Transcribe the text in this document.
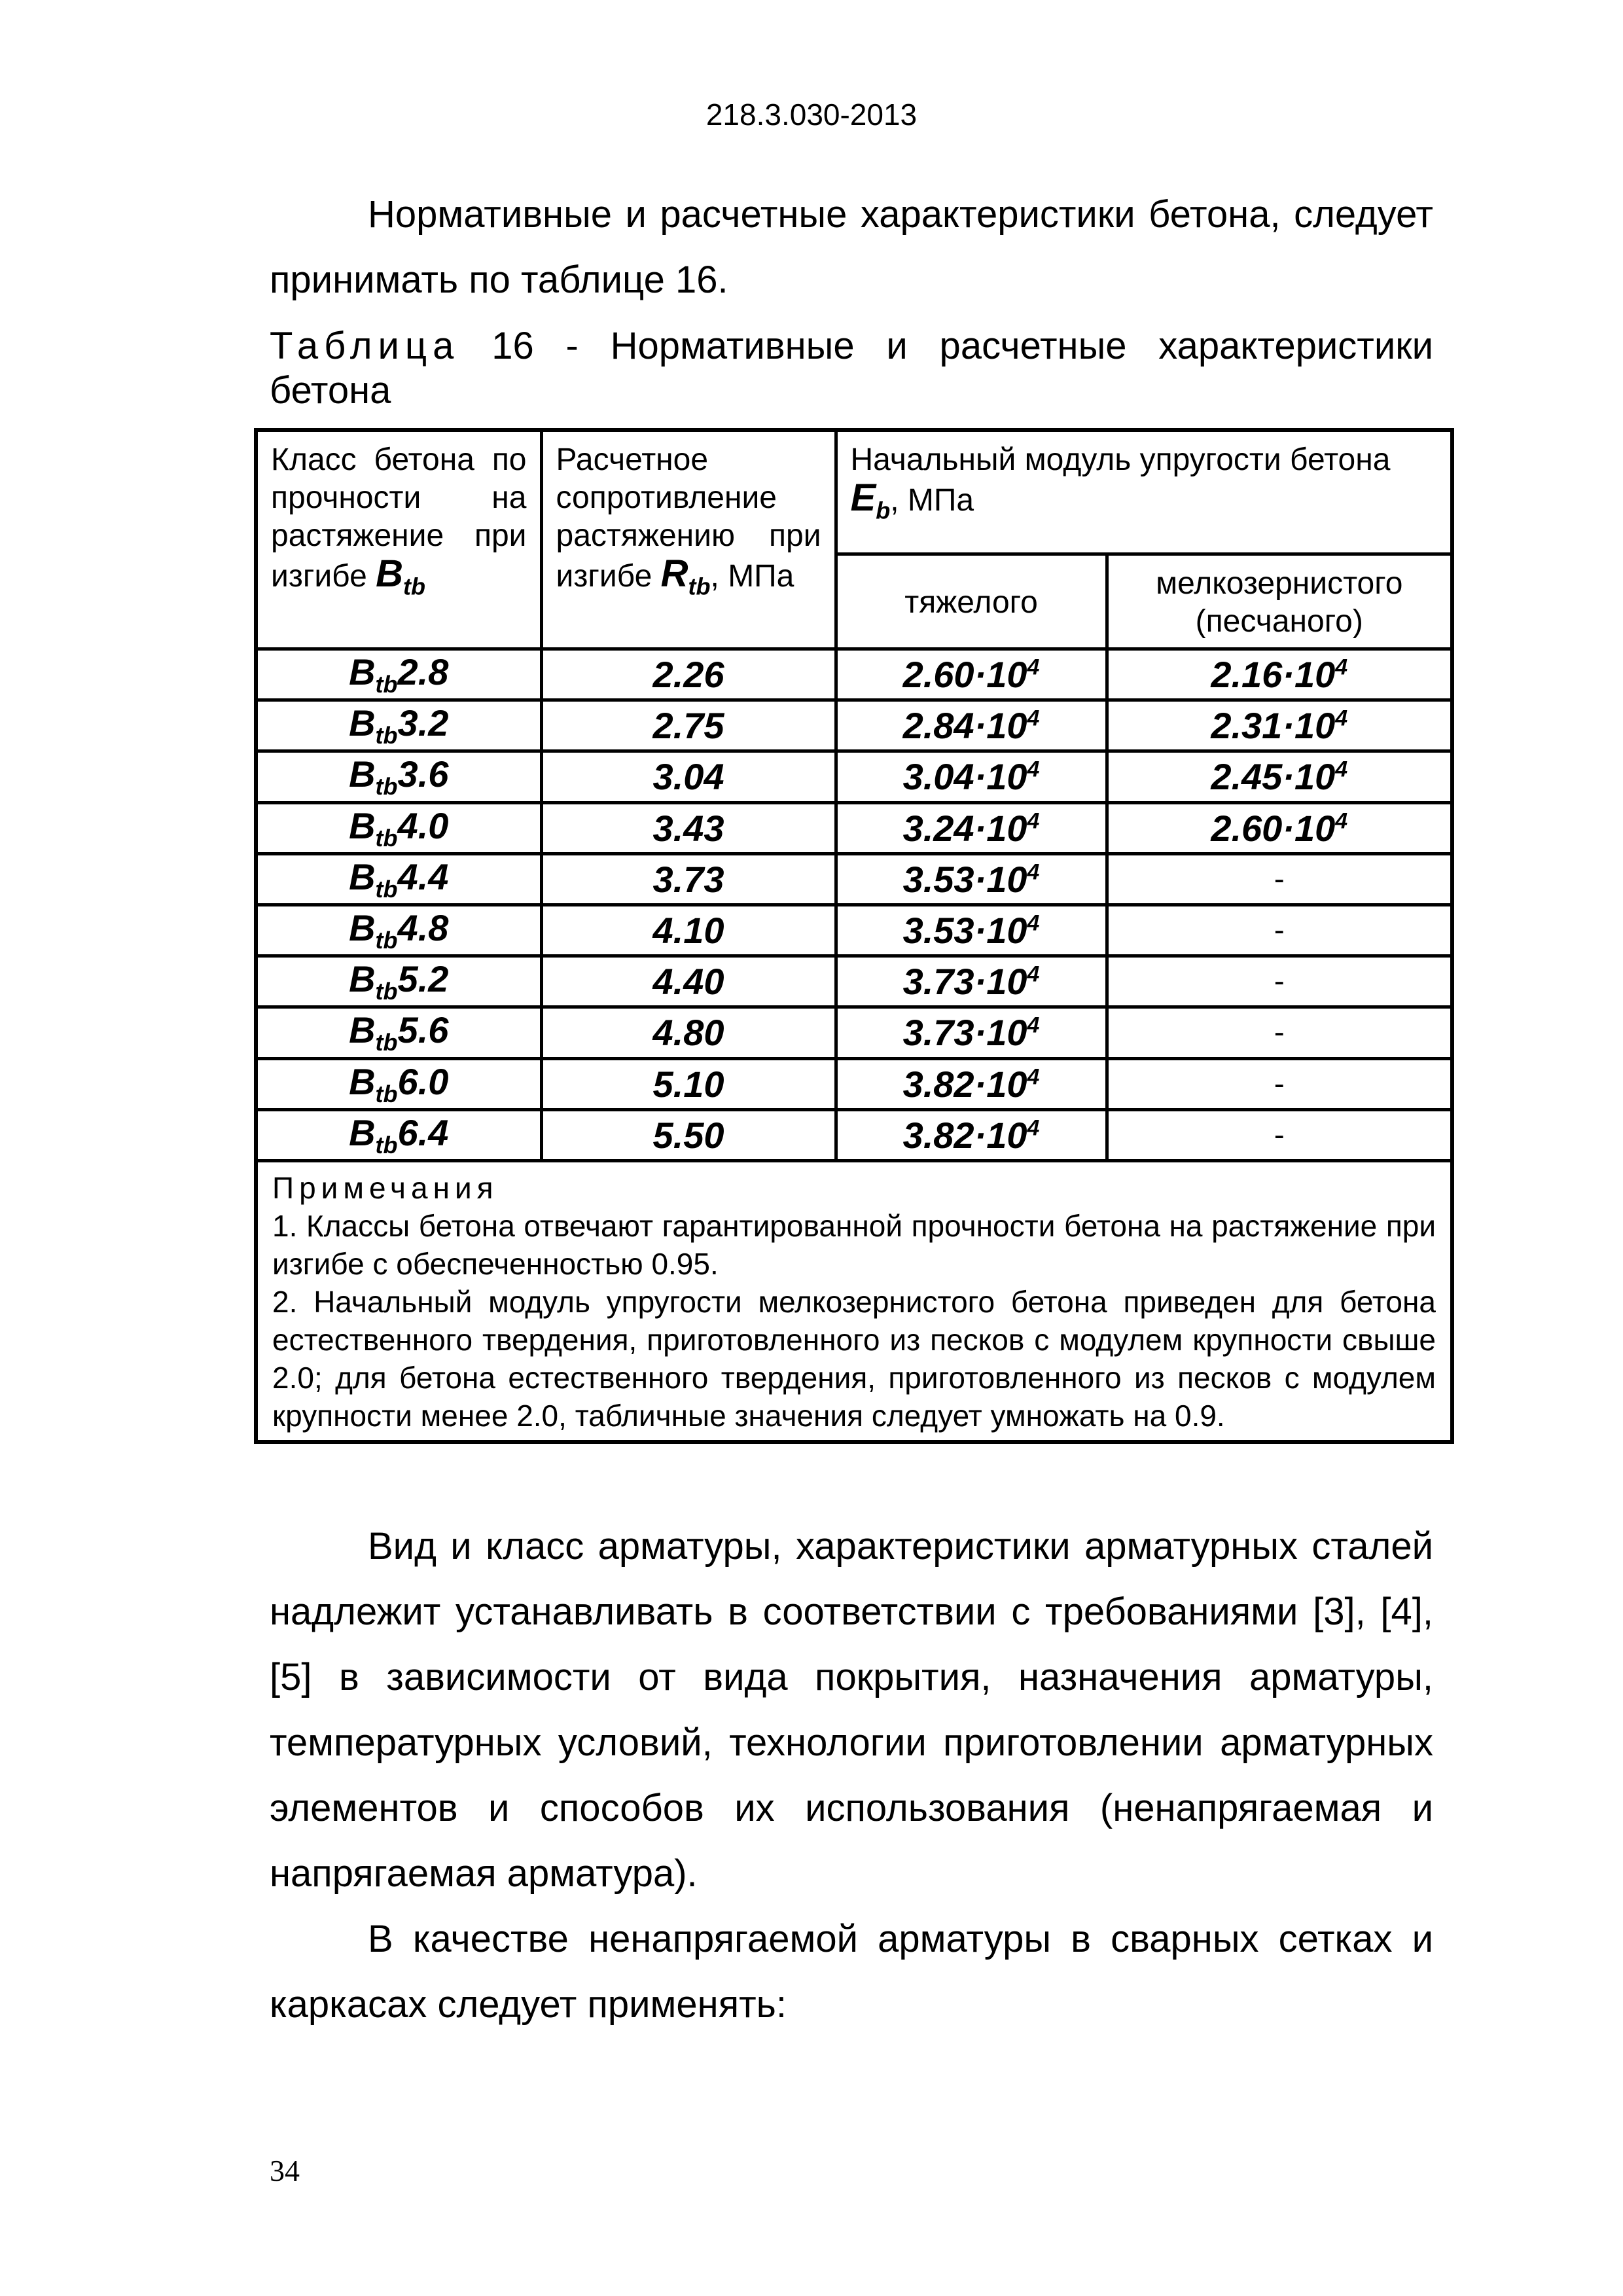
218.3.030-2013

Нормативные и расчетные характеристики бетона, следует принимать по таблице 16.

Таблица 16 - Нормативные и расчетные характеристики бетона
Класс бетона по прочности на растяжение при изгибе $B_{tb}$	Расчетное сопротивление растяжению при изгибе $R_{tb}$, МПа	Начальный модуль упругости бетона
$E_b$, МПа	
		тяжелого	мелкозернистого (песчаного)
$B_{tb}2.8$	2.26	$2.60\cdot 10^4$	$2.16\cdot 10^4$
$B_{tb}3.2$	2.75	$2.84\cdot 10^4$	$2.31\cdot 10^4$
$B_{tb}3.6$	3.04	$3.04\cdot 10^4$	$2.45\cdot 10^4$
$B_{tb}4.0$	3.43	$3.24\cdot 10^4$	$2.60\cdot 10^4$
$B_{tb}4.4$	3.73	$3.53\cdot 10^4$	-
$B_{tb}4.8$	4.10	$3.53\cdot 10^4$	-
$B_{tb}5.2$	4.40	$3.73\cdot 10^4$	-
$B_{tb}5.6$	4.80	$3.73\cdot 10^4$	-
$B_{tb}6.0$	5.10	$3.82\cdot 10^4$	-
$B_{tb}6.4$	5.50	$3.82\cdot 10^4$	-

Примечания
1. Классы бетона отвечают гарантированной прочности бетона на растяжение при изгибе с обеспеченностью 0.95.
2. Начальный модуль упругости мелкозернистого бетона приведен для бетона естественного твердения, приготовленного из песков с модулем крупности свыше 2.0; для бетона естественного твердения, приготовленного из песков с модулем крупности менее 2.0, табличные значения следует умножать на 0.9.			

Вид и класс арматуры, характеристики арматурных сталей надлежит устанавливать в соответствии с требованиями [3], [4], [5] в зависимости от вида покрытия, назначения арматуры, температурных условий, технологии приготовлении арматурных элементов и способов их использования (ненапрягаемая и напрягаемая арматура).

В качестве ненапрягаемой арматуры в сварных сетках и каркасах следует применять:

34
